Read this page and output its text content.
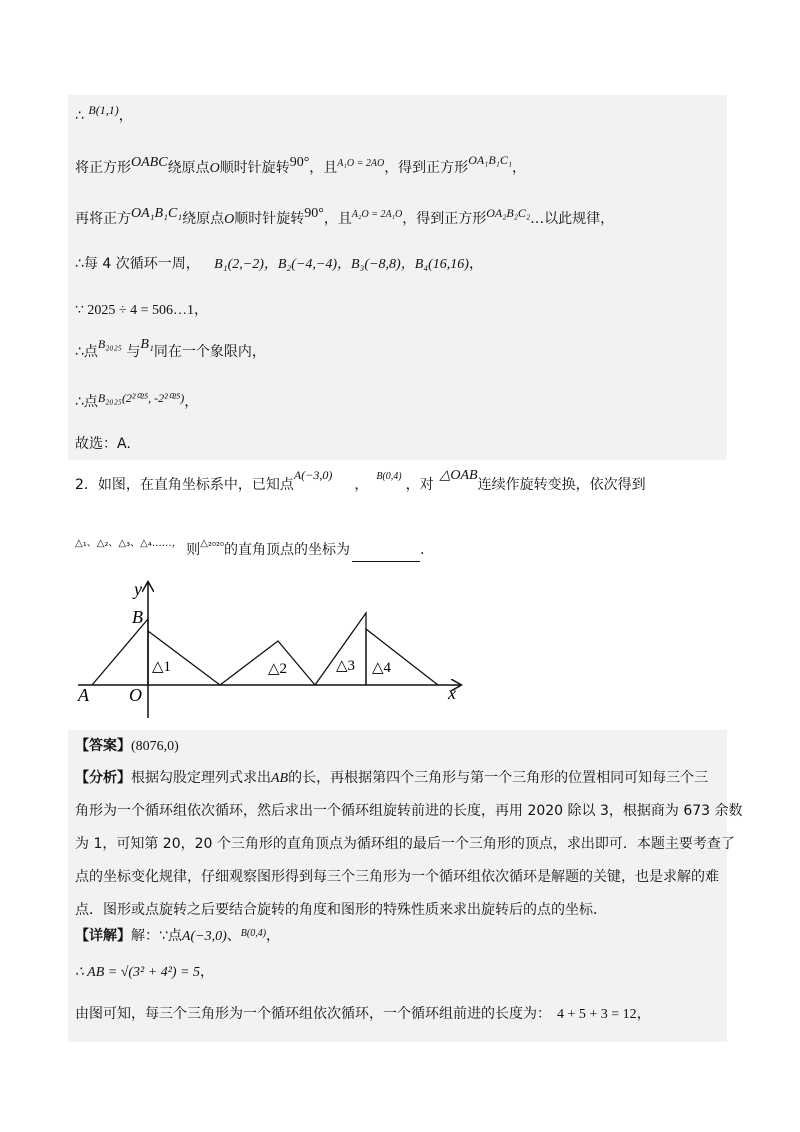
∴ B(1,1)，
将正方形OABC绕原点O顺时针旋转90°，且$^{A_1O = 2AO}$，得到正方形OA₁B₁C₁，
再将正方OA₁B₁C₁绕原点O顺时针旋转90°，且$^{A_2O = 2A_1O}$，得到正方形OA₂B₂C₂…以此规律，
∴每 4 次循环一周， B₁(2,−2)，B₂(−4,−4)，B₃(−8,8)，B₄(16,16)，
∵ 2025 ÷ 4 = 506…1，
∴点B₂₀₂₅ 与B₁同在一个象限内，
∴点B₂₀₂₅(2²⁰²⁵, -2²⁰²⁵)，
故选：A.
2．如图，在直角坐标系中，已知点A(−3,0)，$^{B(0,4)}$，对△OAB连续作旋转变换，依次得到
$^{\triangle_1、\triangle_2、\triangle_3、\triangle_4\dots\dots,}$ 则$^{\triangle_{2020}}$的直角顶点的坐标为	.
y
x
B
A O
△1	△2	△3 △4
【答案】(8076,0)
【分析】根据勾股定理列式求出AB的长，再根据第四个三角形与第一个三角形的位置相同可知每三个三
角形为一个循环组依次循环，然后求出一个循环组旋转前进的长度，再用 2020 除以 3，根据商为 673 余数
为 1，可知第 20，20 个三角形的直角顶点为循环组的最后一个三角形的顶点，求出即可．本题主要考查了
点的坐标变化规律，仔细观察图形得到每三个三角形为一个循环组依次循环是解题的关键，也是求解的难
点．图形或点旋转之后要结合旋转的角度和图形的特殊性质来求出旋转后的点的坐标．
【详解】解：∵点A(−3,0)、$^{B(0,4)}$，
∴ AB = √(3² + 4²) = 5，
由图可知，每三个三角形为一个循环组依次循环，一个循环组前进的长度为： 4 + 5 + 3 = 12，
